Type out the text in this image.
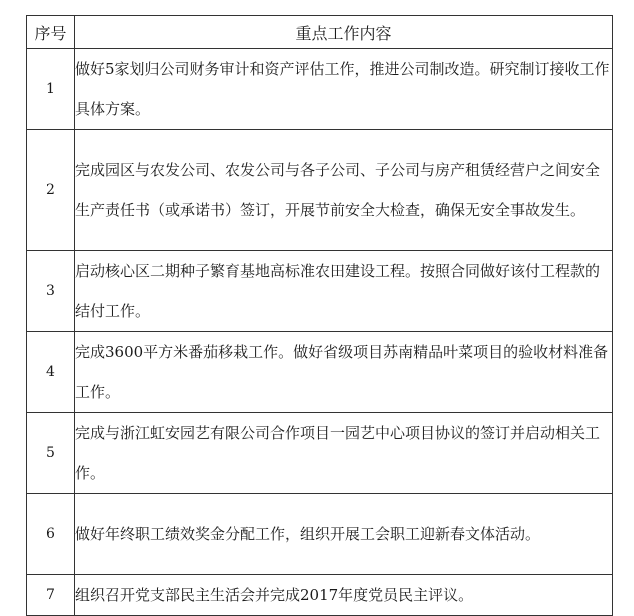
序号	重点工作内容
1	做好5家划归公司财务审计和资产评估工作，推进公司制改造。研究制订接收工作具体方案。
2	完成园区与农发公司、农发公司与各子公司、子公司与房产租赁经营户之间安全生产责任书（或承诺书）签订，开展节前安全大检查，确保无安全事故发生。
3	启动核心区二期种子繁育基地高标准农田建设工程。按照合同做好该付工程款的结付工作。
4	完成3600平方米番茄移栽工作。做好省级项目苏南精品叶菜项目的验收材料准备工作。
5	完成与浙江虹安园艺有限公司合作项目一园艺中心项目协议的签订并启动相关工作。
6	做好年终职工绩效奖金分配工作，组织开展工会职工迎新春文体活动。
7	组织召开党支部民主生活会并完成2017年度党员民主评议。
